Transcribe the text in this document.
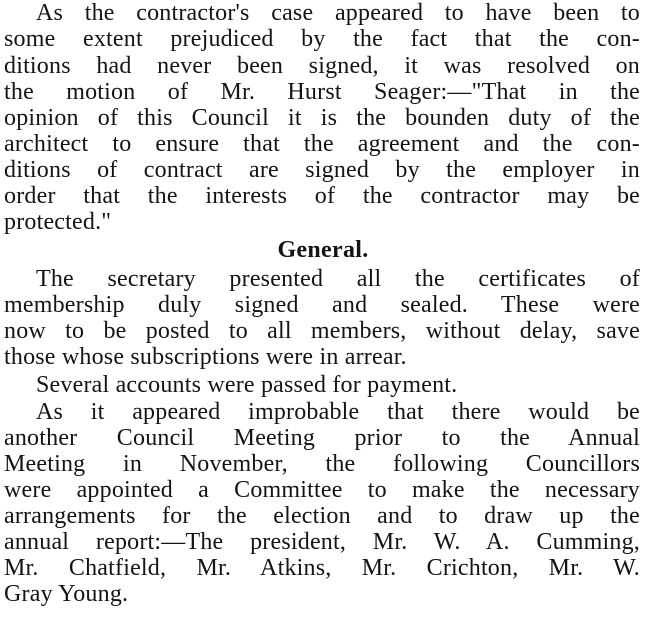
As the contractor's case appeared to have been to
some extent prejudiced by the fact that the con-
ditions had never been signed, it was resolved on
the motion of Mr. Hurst Seager:—"That in the
opinion of this Council it is the bounden duty of the
architect to ensure that the agreement and the con-
ditions of contract are signed by the employer in
order that the interests of the contractor may be
protected."
General.
The secretary presented all the certificates of
membership duly signed and sealed. These were
now to be posted to all members, without delay, save
those whose subscriptions were in arrear.
Several accounts were passed for payment.
As it appeared improbable that there would be
another Council Meeting prior to the Annual
Meeting in November, the following Councillors
were appointed a Committee to make the necessary
arrangements for the election and to draw up the
annual report:—The president, Mr. W. A. Cumming,
Mr. Chatfield, Mr. Atkins, Mr. Crichton, Mr. W.
Gray Young.
